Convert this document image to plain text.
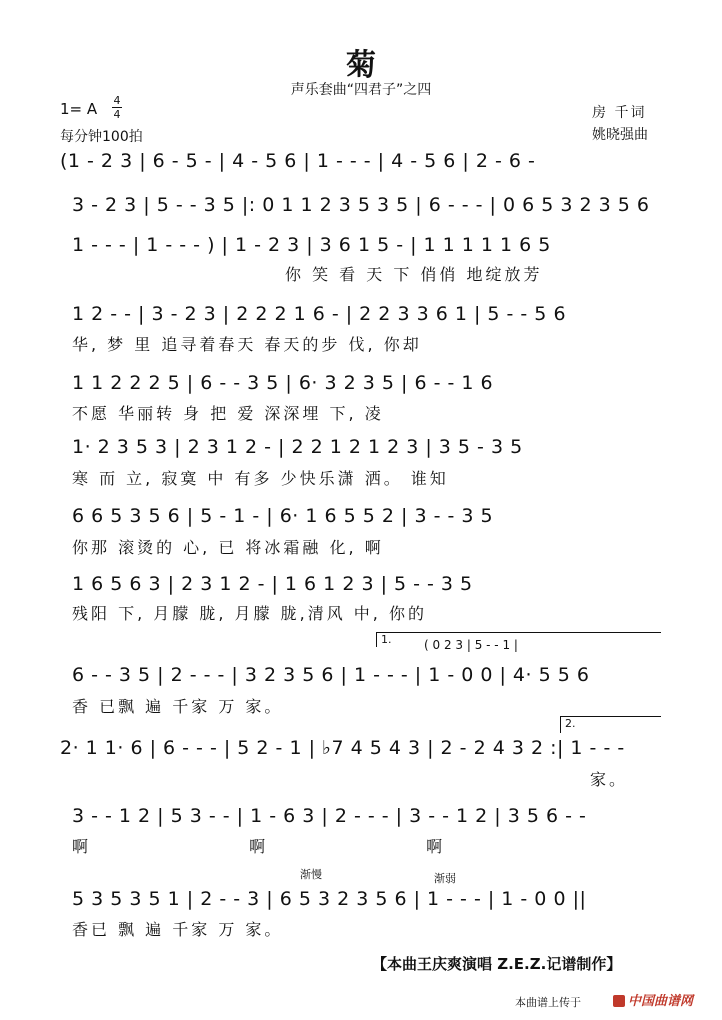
菊
声乐套曲“四君子”之四
1= A 4
4
每分钟100拍
房 千词
姚晓强曲
(1 - 2 3 | 6 - 5 - | 4 - 5 6 | 1 - - - | 4 - 5 6 | 2 - 6 -
3 - 2 3 | 5 - - 3 5 |: 0 1 1 2 3 5 3 5 | 6 - - - | 0 6 5 3 2 3 5 6
1 - - - | 1 - - - ) | 1 - 2 3 | 3 6 1 5 - | 1 1 1 1 1 6 5
你 笑 看 天 下 俏俏 地绽放芳
1 2 - - | 3 - 2 3 | 2 2 2 1 6 - | 2 2 3 3 6 1 | 5 - - 5 6
华, 梦 里 追寻着春天 春天的步 伐, 你却
1 1 2 2 2 5 | 6 - - 3 5 | 6· 3 2 3 5 | 6 - - 1 6
不愿 华丽转 身 把 爱 深深埋 下, 凌
1· 2 3 5 3 | 2 3 1 2 - | 2 2 1 2 1 2 3 | 3 5 - 3 5
寒 而 立, 寂寞 中 有多 少快乐潇 洒。 谁知
6 6 5 3 5 6 | 5 - 1 - | 6· 1 6 5 5 2 | 3 - - 3 5
你那 滚烫的 心, 已 将冰霜融 化, 啊
1 6 5 6 3 | 2 3 1 2 - | 1 6 1 2 3 | 5 - - 3 5
残阳 下, 月朦 胧, 月朦 胧,清风 中, 你的
1.	( 0 2 3 | 5 - - 1 |
6 - - 3 5 | 2 - - - | 3 2 3 5 6 | 1 - - - | 1 - 0 0 | 4· 5 5 6
香 已飘 遍 千家 万 家。
2.
2· 1 1· 6 | 6 - - - | 5 2 - 1 | ♭7 4 5 4 3 | 2 - 2 4 3 2 :| 1 - - -
家。
3 - - 1 2 | 5 3 - - | 1 - 6 3 | 2 - - - | 3 - - 1 2 | 3 5 6 - -
啊 啊 啊
渐慢	渐弱
5 3 5 3 5 1 | 2 - - 3 | 6 5 3 2 3 5 6 | 1 - - - | 1 - 0 0 ||
香已 飘 遍 千家 万 家。
【本曲王庆爽演唱 Z.E.Z.记谱制作】
本曲谱上传于	中国曲谱网
